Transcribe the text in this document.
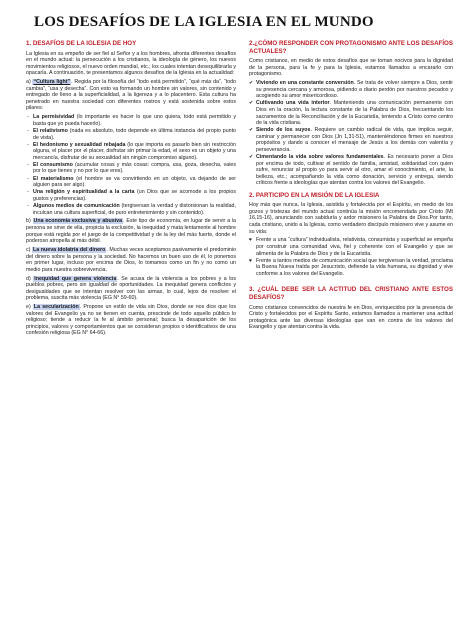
LOS DESAFÍOS DE LA IGLESIA EN EL MUNDO
1. DESAFÍOS DE LA IGLESIA DE HOY

La Iglesia en su empeño de ser fiel al Señor y a los hombres, afronta diferentes desafíos en el mundo actual: la persecución a los cristianos, la ideología de género, los nuevos movimientos religiosos, el nuevo orden mundial, etc.; los cuales intentan desequilibrarla y opacarla. A continuación, te presentamos algunos desafíos de la Iglesia en la actualidad:

a) “Cultura light”. Regida por la filosofía del “todo está permitido”, “qué más da”, “todo cambia”, “usa y desecha”. Con esto va formando un hombre sin valores, sin contenido y entregado de lleno a la superficialidad, a la ligereza y a lo placentero. Esta cultura ha penetrado en nuestra sociedad con diferentes rostros y está sostenida sobre estos pilares:

- La permisividad (lo importante es hacer lo que uno quiera, todo está permitido y basta que yo pueda hacerlo).
- El relativismo (nada es absoluto, todo depende en última instancia del propio punto de vista).
- El hedonismo y sexualidad rebajada (lo que importa es pasarlo bien sin restricción alguna, el placer por el placer, disfrutar sin primar la edad, el sexo es un objeto y una mercancía, disfrutar de su sexualidad sin ningún compromiso alguno).
- El consumismo (acumular cosas y más cosas: compra, usa, goza, desecha, vales por lo que tienes y no por lo que eres).
- El materialismo (el hombre se va convirtiendo en un objeto, va dejando de ser alguien para ser algo).
- Una religión y espiritualidad a la carta (un Dios que se acomode a los propios gustos y preferencias).
- Algunos medios de comunicación (tergiversan la verdad y distorsionan la realidad, inculcan una cultura superficial, de puro entretenimiento y sin contenido).

b) Una economía exclusiva y abusiva. Este tipo de economía, en lugar de servir a la persona se sirve de ella, propicia la exclusión, la inequidad y mata lentamente al hombre porque está regida por el juego de la competitividad y de la ley del más fuerte, donde el poderoso atropella al más débil.

c) La nueva idolatría del dinero. Muchas veces aceptamos pasivamente el predominio del dinero sobre la persona y la sociedad. No hacemos un buen uso de él, lo ponemos en primer lugar, incluso por encima de Dios, lo tomamos como un fin y no como un medio para nuestra sobrevivencia.

d) Inequidad que genera violencia. Se acusa de la violencia a los pobres y a los pueblos pobres, pero sin igualdad de oportunidades. La inequidad genera conflictos y desigualdades que se intentan resolver con las armas, lo cual, lejos de resolver el problema, suscita más violencia (EG N° 59-60).

e) La secularización. Propone un estilo de vida sin Dios, donde se nos dice que los valores del Evangelio ya no se tienen en cuenta, prescinde de todo aquello público lo religioso; tiende a reducir la fe al ámbito personal; busca la desaparición de los principios, valores y comportamientos que se consideran propios o identificativos de una confesión religiosa (EG N° 64-66).

2.¿CÓMO RESPONDER CON PROTAGONISMO ANTE LOS DESAFÍOS ACTUALES?

Como cristianos, en medio de estos desafíos que se toman nocivos para la dignidad de la persona, para la fe y para la Iglesia, estamos llamados a encararlo con protagonismo.

✔ Viviendo en una constante conversión. Se trata de volver siempre a Dios, sentir su presencia cercana y amorosa, pidiendo a diario perdón por nuestros pecados y acogiendo su amor misericordioso.
✔ Cultivando una vida interior. Manteniendo una comunicación permanente con Dios en la oración, la lectura constante de la Palabra de Dios, frecuentando los sacramentos de la Reconciliación y de la Eucaristía, teniendo a Cristo como centro de la vida cristiana.
✔ Siendo de los suyos. Requiere un cambio radical de vida, que implica seguir, caminar y permanecer con Dios (Jn 1,31-51), manteniéndonos firmes en nuestros propósitos y dando a conocer el mensaje de Jesús a los demás con valentía y perseverancia.
✔ Cimentando la vida sobre valores fundamentales. Es necesario poner a Dios por encima de todo, cultivar el sentido de familia, amistad, solidaridad con quien sufre, renunciar al propio yo para servir al otro, amar el conocimiento, el arte, la belleza, etc.; acompañando la vida como donación, servicio y entrega, siendo críticos frente a ideologías que atentan contra los valores del Evangelio.
2. PARTICIPO EN LA MISIÓN DE LA IGLESIA

Hoy más que nunca, la Iglesia, asistida y fortalecida por el Espíritu, en medio de los gozos y tristezas del mundo actual continúa la misión encomendada por Cristo (Mt 16,15-16), anunciando con sabiduría y ardor misionero la Palabra de Dios.Por tanto, cada cristiano, unido a la Iglesia, como verdadero discípulo misionero vive y asume en su vida:

♥ Frente a una “cultura” individualista, relativista, consumista y superficial se empeña por construir una comunidad viva, fiel y coherente con el Evangelio y que se alimenta de la Palabra de Dios y de la Eucaristía.
♥ Frente a tantos medios de comunicación social que tergiversan la verdad, proclama la Buena Nueva traída por Jesucristo, defiende la vida humana, su dignidad y vive conforme a los valores del Evangelio.
3. ¿CUÁL DEBE SER LA ACTITUD DEL CRISTIANO ANTE ESTOS DESAFÍOS?

Como cristianos convencidos de nuestra fe en Dios, enriquecidos por la presencia de Cristo y fortalecidos por el Espíritu Santo, estamos llamados a mantener una actitud protagónica ante las diversas ideologías que van en contra de los valores del Evangelio y que atentan contra la vida.
